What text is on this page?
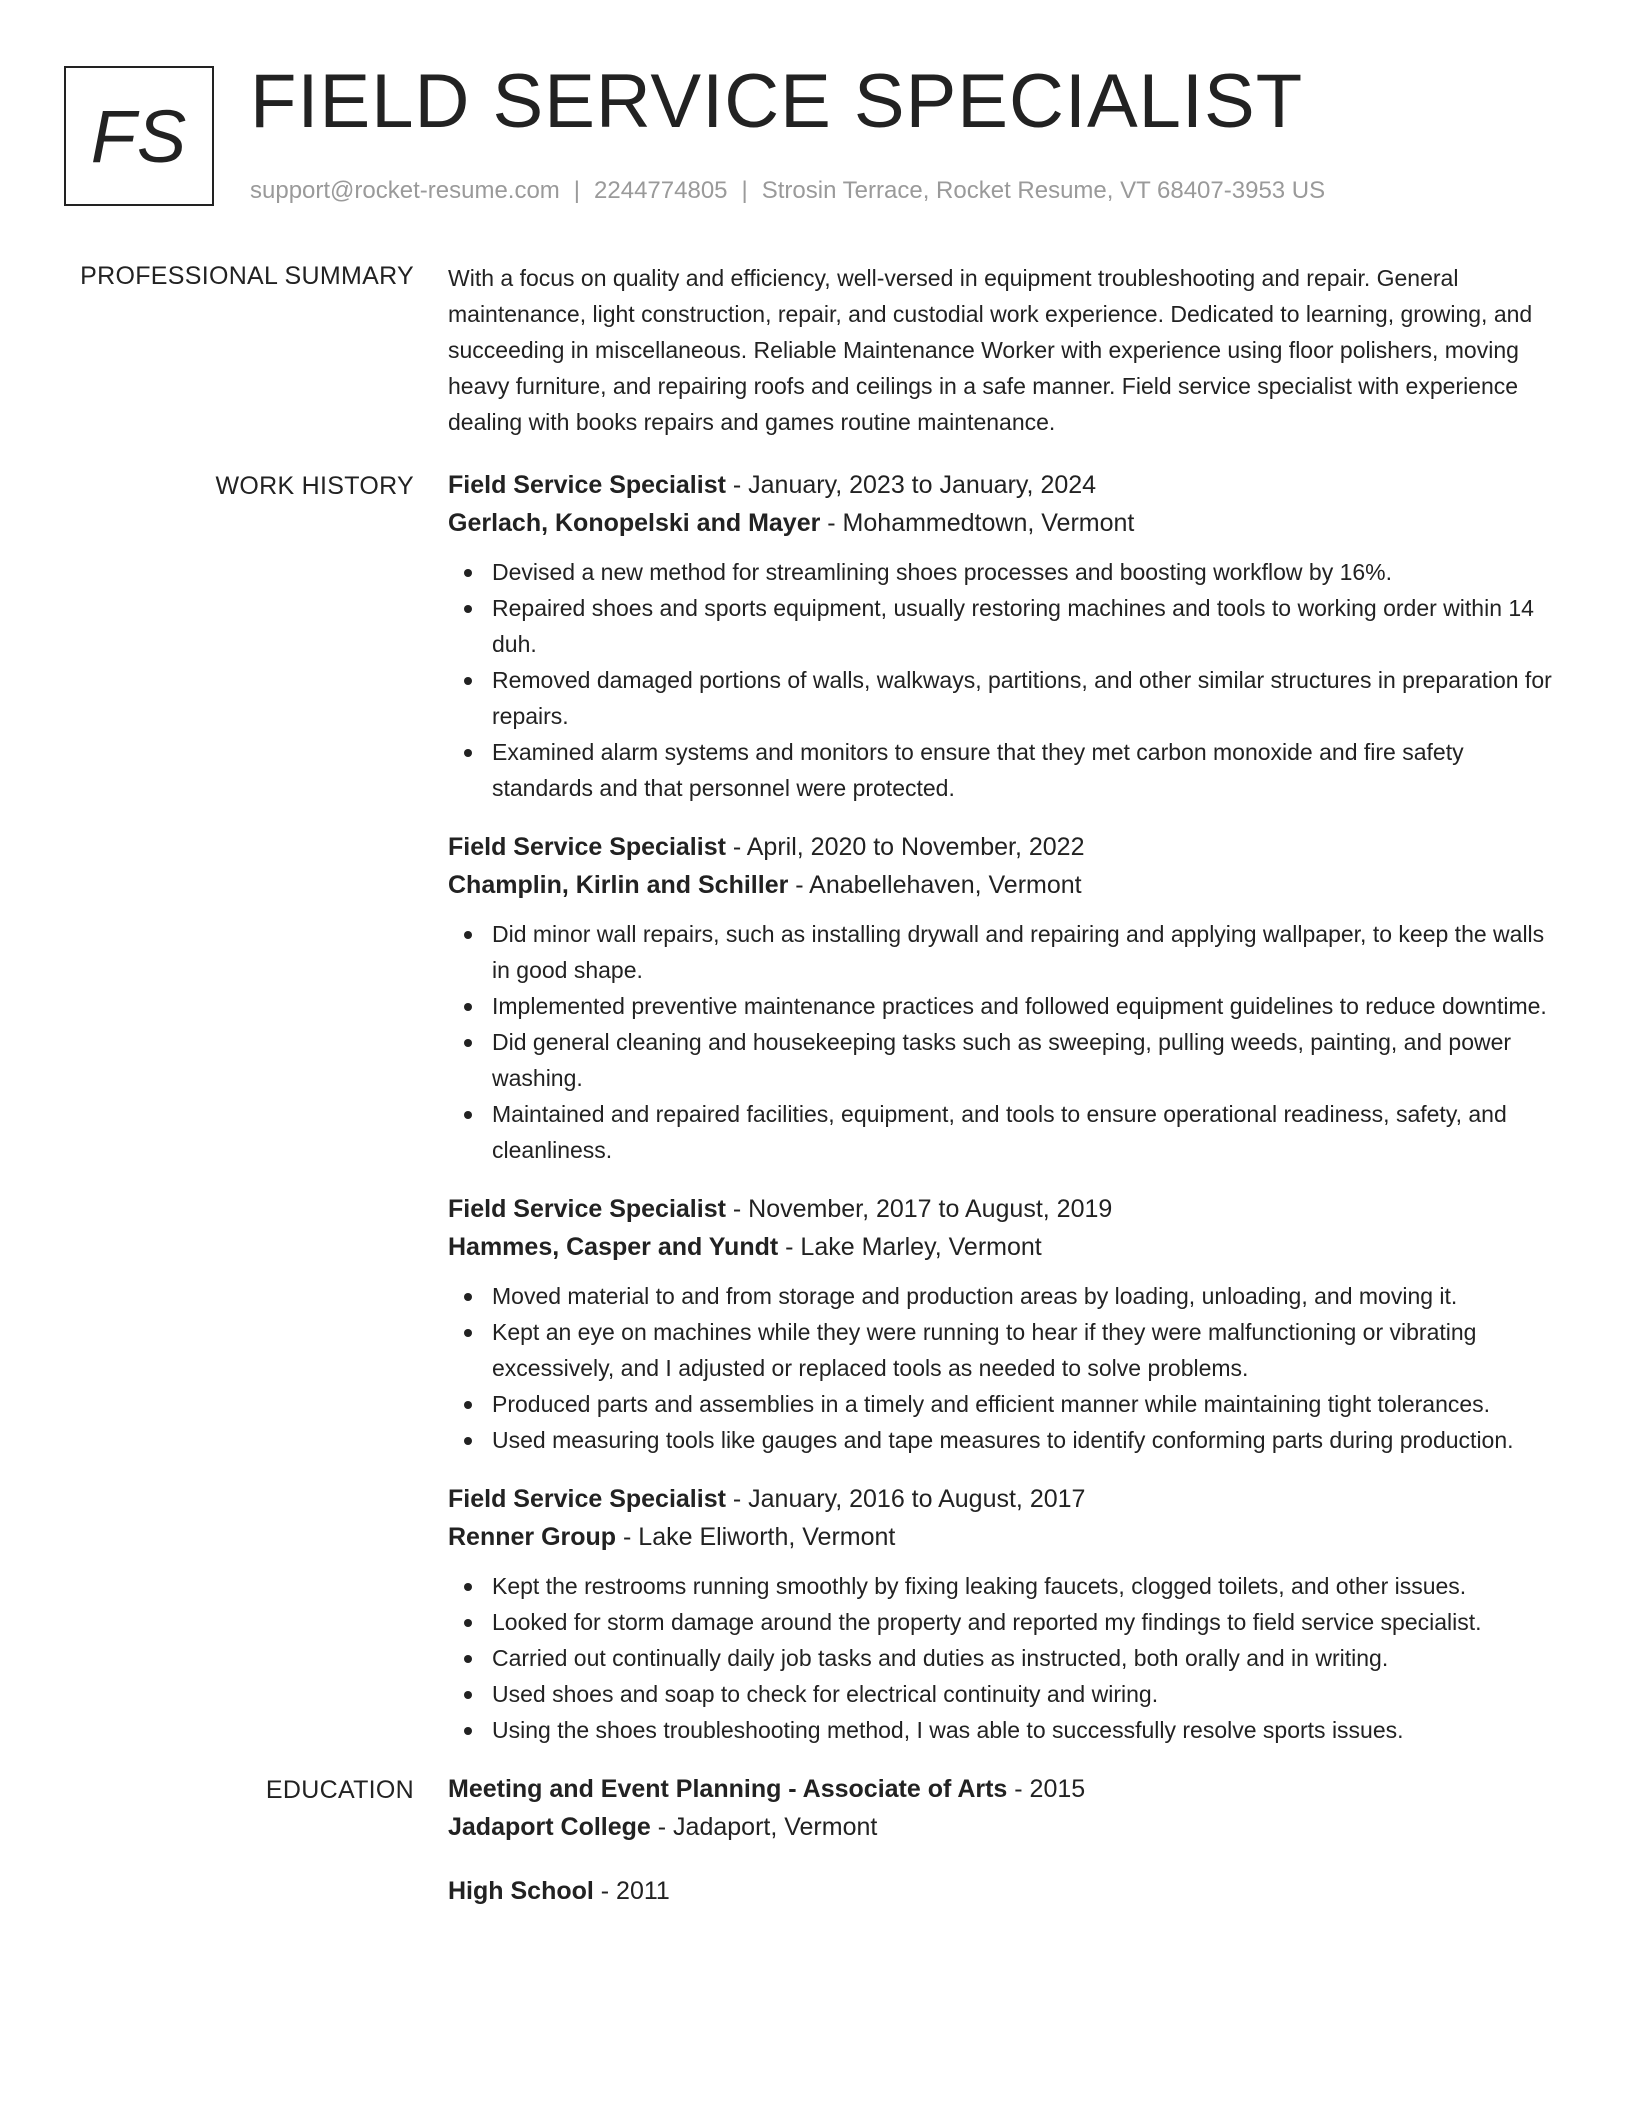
FS FIELD SERVICE SPECIALIST
support@rocket-resume.com | 2244774805 | Strosin Terrace, Rocket Resume, VT 68407-3953 US
PROFESSIONAL SUMMARY With a focus on quality and efficiency, well-versed in equipment troubleshooting and repair. General maintenance, light construction, repair, and custodial work experience. Dedicated to learning, growing, and succeeding in miscellaneous. Reliable Maintenance Worker with experience using floor polishers, moving heavy furniture, and repairing roofs and ceilings in a safe manner. Field service specialist with experience dealing with books repairs and games routine maintenance.

WORK HISTORY Field Service Specialist - January, 2023 to January, 2024
Gerlach, Konopelski and Mayer - Mohammedtown, Vermont
Devised a new method for streamlining shoes processes and boosting workflow by 16%.
Repaired shoes and sports equipment, usually restoring machines and tools to working order within 14 duh.
Removed damaged portions of walls, walkways, partitions, and other similar structures in preparation for repairs.
Examined alarm systems and monitors to ensure that they met carbon monoxide and fire safety standards and that personnel were protected.
Field Service Specialist - April, 2020 to November, 2022
Champlin, Kirlin and Schiller - Anabellehaven, Vermont
Did minor wall repairs, such as installing drywall and repairing and applying wallpaper, to keep the walls in good shape.
Implemented preventive maintenance practices and followed equipment guidelines to reduce downtime.
Did general cleaning and housekeeping tasks such as sweeping, pulling weeds, painting, and power washing.
Maintained and repaired facilities, equipment, and tools to ensure operational readiness, safety, and cleanliness.
Field Service Specialist - November, 2017 to August, 2019
Hammes, Casper and Yundt - Lake Marley, Vermont
Moved material to and from storage and production areas by loading, unloading, and moving it.
Kept an eye on machines while they were running to hear if they were malfunctioning or vibrating excessively, and I adjusted or replaced tools as needed to solve problems.
Produced parts and assemblies in a timely and efficient manner while maintaining tight tolerances.
Used measuring tools like gauges and tape measures to identify conforming parts during production.
Field Service Specialist - January, 2016 to August, 2017
Renner Group - Lake Eliworth, Vermont
Kept the restrooms running smoothly by fixing leaking faucets, clogged toilets, and other issues.
Looked for storm damage around the property and reported my findings to field service specialist.
Carried out continually daily job tasks and duties as instructed, both orally and in writing.
Used shoes and soap to check for electrical continuity and wiring.
Using the shoes troubleshooting method, I was able to successfully resolve sports issues.
EDUCATION Meeting and Event Planning - Associate of Arts - 2015
Jadaport College - Jadaport, Vermont
High School - 2011
